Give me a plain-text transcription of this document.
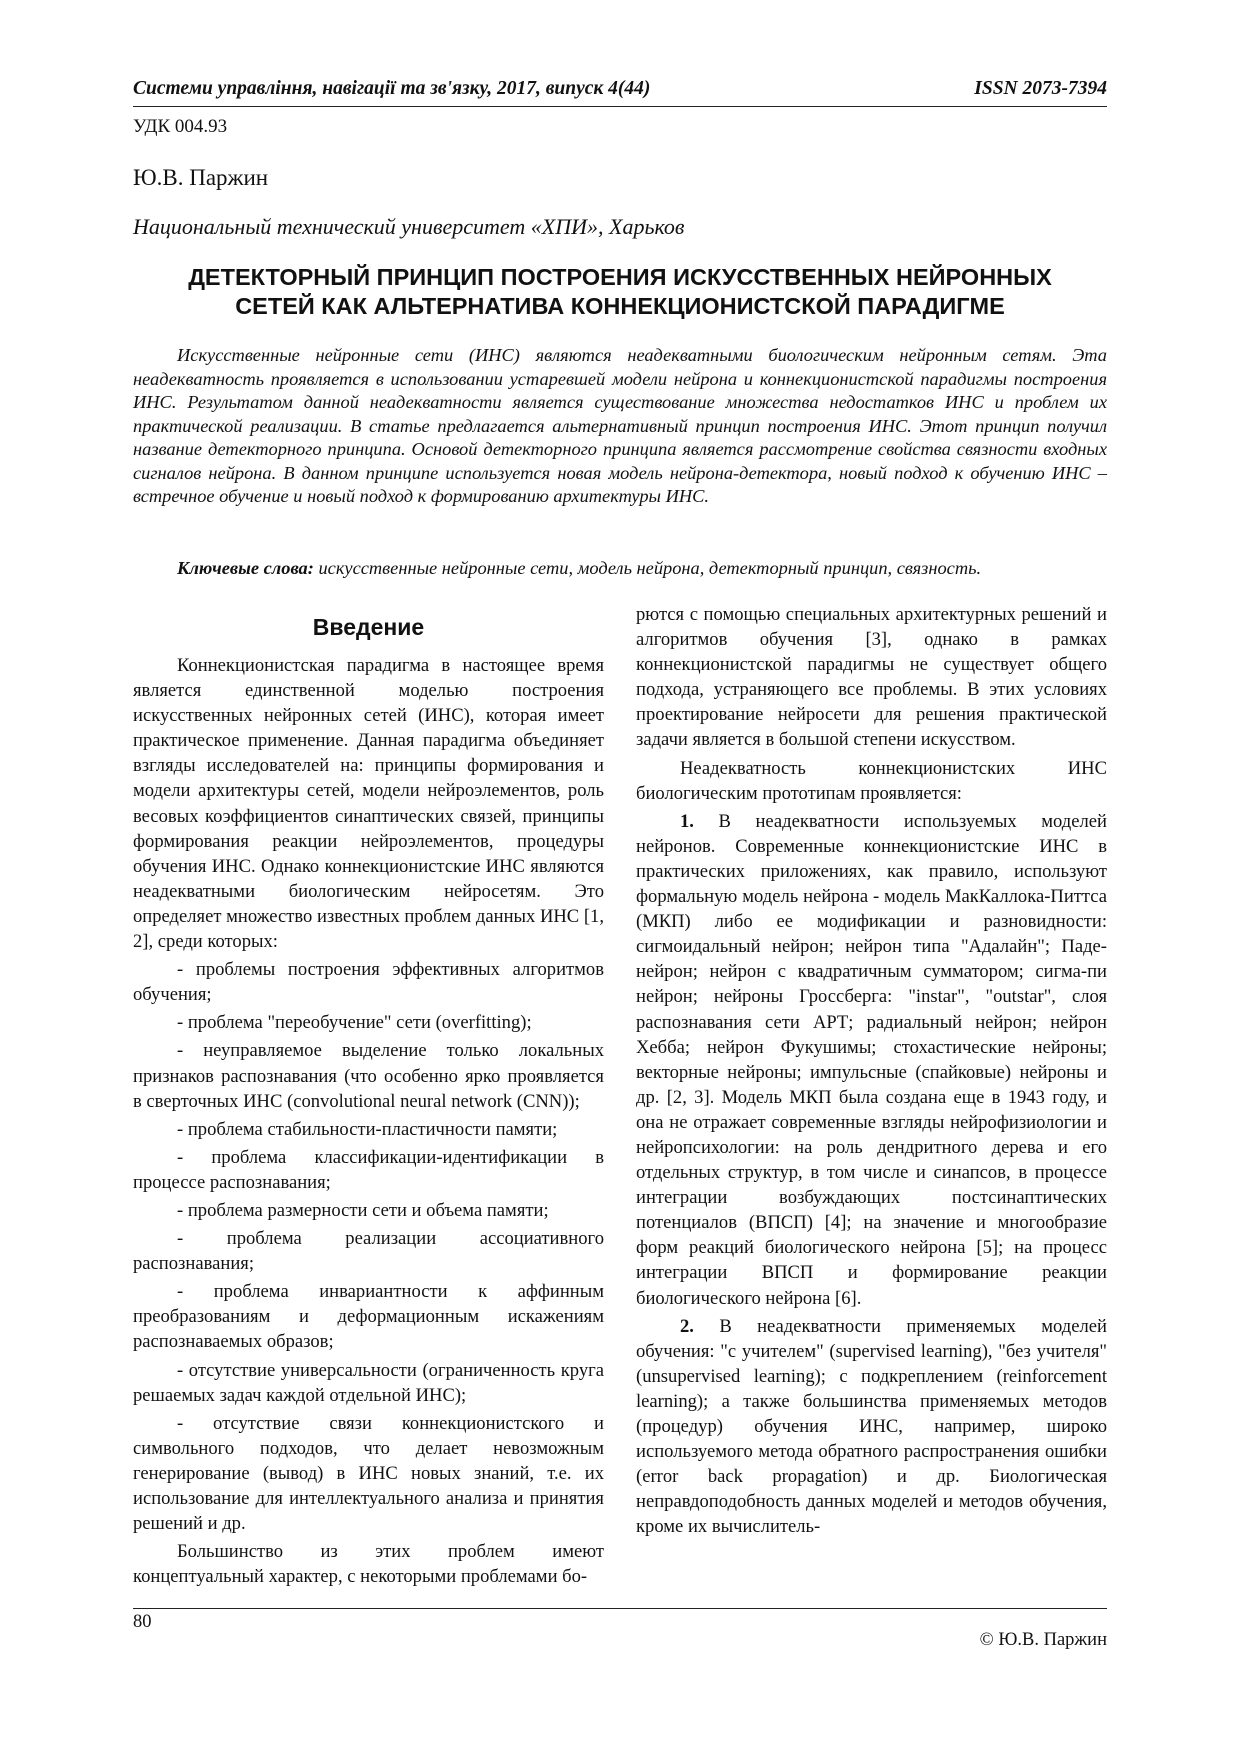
Системи управління, навігації та зв'язку, 2017, випуск 4(44)	ISSN 2073-7394
УДК 004.93
Ю.В. Паржин
Национальный технический университет «ХПИ», Харьков
ДЕТЕКТОРНЫЙ ПРИНЦИП ПОСТРОЕНИЯ ИСКУССТВЕННЫХ НЕЙРОННЫХ
СЕТЕЙ КАК АЛЬТЕРНАТИВА КОННЕКЦИОНИСТСКОЙ ПАРАДИГМЕ

Искусственные нейронные сети (ИНС) являются неадекватными биологическим нейронным сетям. Эта неадекватность проявляется в использовании устаревшей модели нейрона и коннекционистской парадигмы построения ИНС. Результатом данной неадекватности является существование множества недостатков ИНС и проблем их практической реализации. В статье предлагается альтернативный принцип построения ИНС. Этот принцип получил название детекторного принципа. Основой детекторного принципа является рассмотрение свойства связности входных сигналов нейрона. В данном принципе используется новая модель нейрона-детектора, новый подход к обучению ИНС – встречное обучение и новый подход к формированию архитектуры ИНС.

Ключевые слова: искусственные нейронные сети, модель нейрона, детекторный принцип, связность.

Введение

Коннекционистская парадигма в настоящее время является единственной моделью построения искусственных нейронных сетей (ИНС), которая имеет практическое применение. Данная парадигма объединяет взгляды исследователей на: принципы формирования и модели архитектуры сетей, модели нейроэлементов, роль весовых коэффициентов синаптических связей, принципы формирования реакции нейроэлементов, процедуры обучения ИНС. Однако коннекционистские ИНС являются неадекватными биологическим нейросетям. Это определяет множество известных проблем данных ИНС [1, 2], среди которых:

- проблемы построения эффективных алгоритмов обучения;

- проблема "переобучение" сети (overfitting);

- неуправляемое выделение только локальных признаков распознавания (что особенно ярко проявляется в сверточных ИНС (convolutional neural network (CNN));

- проблема стабильности-пластичности памяти;

- проблема классификации-идентификации в процессе распознавания;

- проблема размерности сети и объема памяти;

- проблема реализации ассоциативного распознавания;

- проблема инвариантности к аффинным преобразованиям и деформационным искажениям распознаваемых образов;

- отсутствие универсальности (ограниченность круга решаемых задач каждой отдельной ИНС);

- отсутствие связи коннекционистского и символьного подходов, что делает невозможным генерирование (вывод) в ИНС новых знаний, т.е. их использование для интеллектуального анализа и принятия решений и др.

Большинство из этих проблем имеют концептуальный характер, с некоторыми проблемами бо-

рются с помощью специальных архитектурных решений и алгоритмов обучения [3], однако в рамках коннекционистской парадигмы не существует общего подхода, устраняющего все проблемы. В этих условиях проектирование нейросети для решения практической задачи является в большой степени искусством.

Неадекватность коннекционистских ИНС биологическим прототипам проявляется:

1. В неадекватности используемых моделей нейронов. Современные коннекционистские ИНС в практических приложениях, как правило, используют формальную модель нейрона - модель МакКаллока-Питтса (МКП) либо ее модификации и разновидности: сигмоидальный нейрон; нейрон типа "Адалайн"; Паде-нейрон; нейрон с квадратичным сумматором; сигма-пи нейрон; нейроны Гроссберга: "instar", "outstar", слоя распознавания сети АРТ; радиальный нейрон; нейрон Хебба; нейрон Фукушимы; стохастические нейроны; векторные нейроны; импульсные (спайковые) нейроны и др. [2, 3]. Модель МКП была создана еще в 1943 году, и она не отражает современные взгляды нейрофизиологии и нейропсихологии: на роль дендритного дерева и его отдельных структур, в том числе и синапсов, в процессе интеграции возбуждающих постсинаптических потенциалов (ВПСП) [4]; на значение и многообразие форм реакций биологического нейрона [5]; на процесс интеграции ВПСП и формирование реакции биологического нейрона [6].

2. В неадекватности применяемых моделей обучения: "с учителем" (supervised learning), "без учителя" (unsupervised learning); с подкреплением (reinforcement learning); а также большинства применяемых методов (процедур) обучения ИНС, например, широко используемого метода обратного распространения ошибки (error back propagation) и др. Биологическая неправдоподобность данных моделей и методов обучения, кроме их вычислитель-

80
© Ю.В. Паржин
